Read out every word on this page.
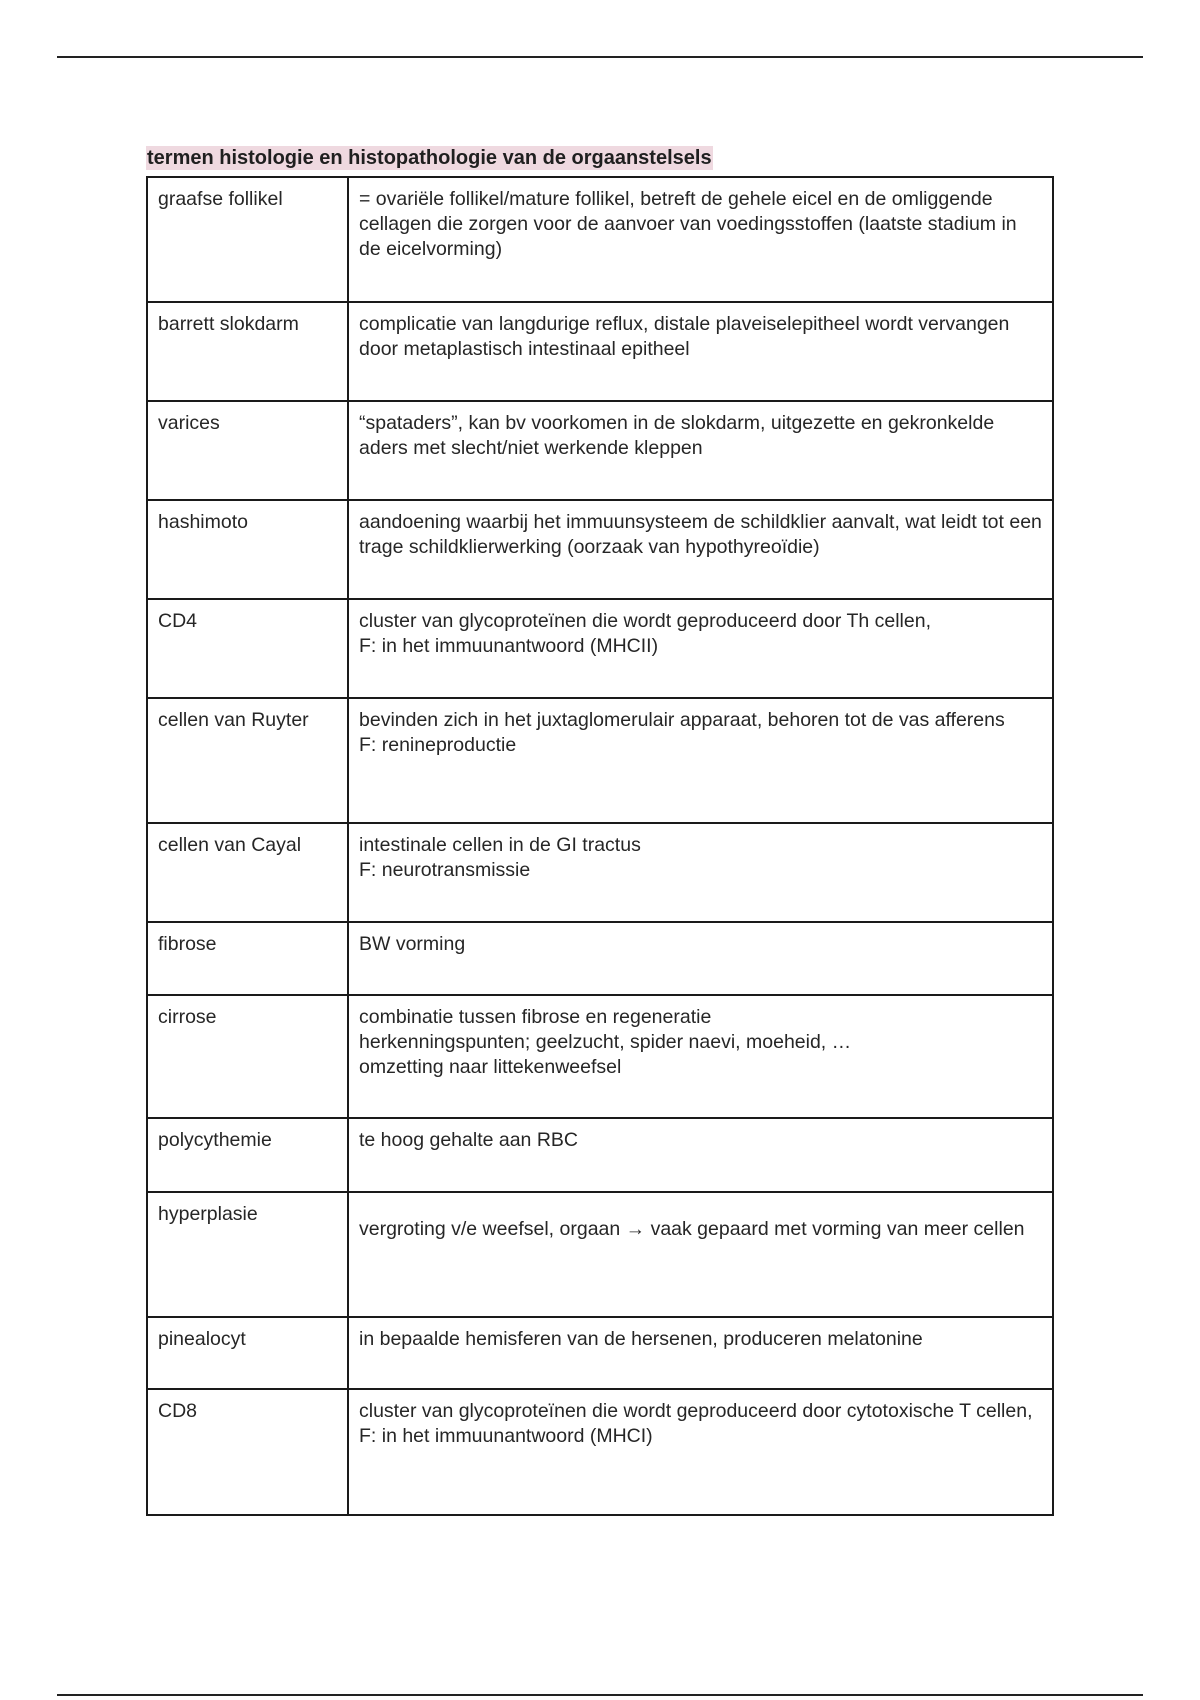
termen histologie en histopathologie van de orgaanstelsels
graafse follikel	= ovariële follikel/mature follikel, betreft de gehele eicel en de omliggende cellagen die zorgen voor de aanvoer van voedingsstoffen (laatste stadium in de eicelvorming)

barrett slokdarm	complicatie van langdurige reflux, distale plaveiselepitheel wordt vervangen door metaplastisch intestinaal epitheel

varices	“spataders”, kan bv voorkomen in de slokdarm, uitgezette en gekronkelde aders met slecht/niet werkende kleppen

hashimoto	aandoening waarbij het immuunsysteem de schildklier aanvalt, wat leidt tot een trage schildklierwerking (oorzaak van hypothyreoïdie)

CD4	cluster van glycoproteïnen die wordt geproduceerd door Th cellen,
F: in het immuunantwoord (MHCII)

cellen van Ruyter	bevinden zich in het juxtaglomerulair apparaat, behoren tot de vas afferens
F: renineproductie

cellen van Cayal	intestinale cellen in de GI tractus
F: neurotransmissie

fibrose	BW vorming

cirrose	combinatie tussen fibrose en regeneratie
herkenningspunten; geelzucht, spider naevi, moeheid, …
omzetting naar littekenweefsel

polycythemie	te hoog gehalte aan RBC

hyperplasie	vergroting v/e weefsel, orgaan → vaak gepaard met vorming van meer cellen

pinealocyt	in bepaalde hemisferen van de hersenen, produceren melatonine

CD8	cluster van glycoproteïnen die wordt geproduceerd door cytotoxische T cellen,
F: in het immuunantwoord (MHCI)
